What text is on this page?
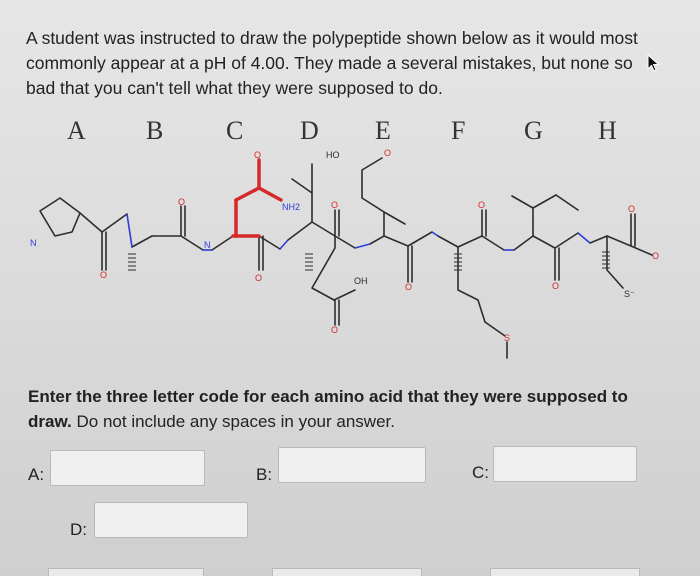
A student was instructed to draw the polypeptide shown below as it would most commonly appear at a pH of 4.00. They made a several mistakes, but none so bad that you can't tell what they were supposed to do.
A B C D E F G H
N	N
NH2
OH
HO
S
S⁻
O
O
O
O
O
O
O
O
O
O
O
O
Enter the three letter code for each amino acid that they were supposed to draw. Do not include any spaces in your answer.
A:	B:	C:
D:
